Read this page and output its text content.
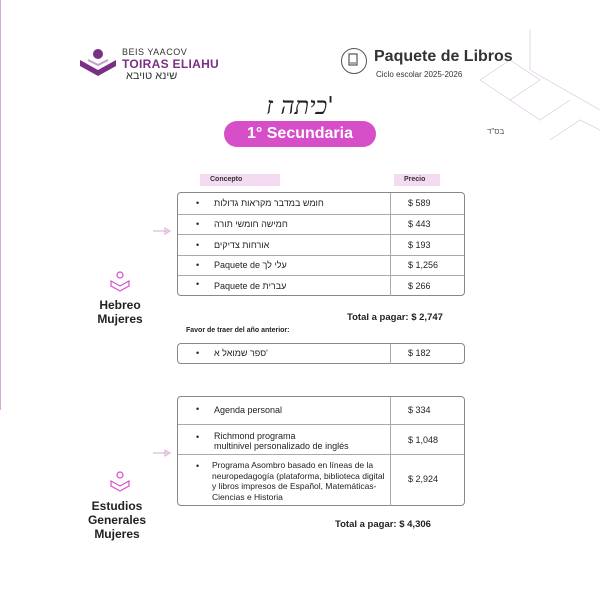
BEIS YAACOV
TOIRAS ELIAHU
שינא טויבא
Paquete de Libros
Ciclo escolar 2025-2026
כיתה ז'
1° Secundaria	בס"ד
Hebreo
Mujeres
Concepto	Precio
• חומש במדבר מקראות גדולות	$ 589
• חמישה חומשי תורה	$ 443
• אורחות צדיקים	$ 193
• Paquete de עלי לך	$ 1,256
• Paquete de עברית	$ 266
Total a pagar: $ 2,747
Favor de traer del año anterior:
• ספר שמואל א'	$ 182
Estudios
Generales
Mujeres
• Agenda personal	$ 334
• Richmond programa
multinivel personalizado de inglés
$ 1,048
• Programa Asombro basado en líneas de la
neuropedagogía (plataforma, biblioteca digital
y libros impresos de Español, Matemáticas-
Ciencias e Historia
$ 2,924
Total a pagar: $ 4,306
